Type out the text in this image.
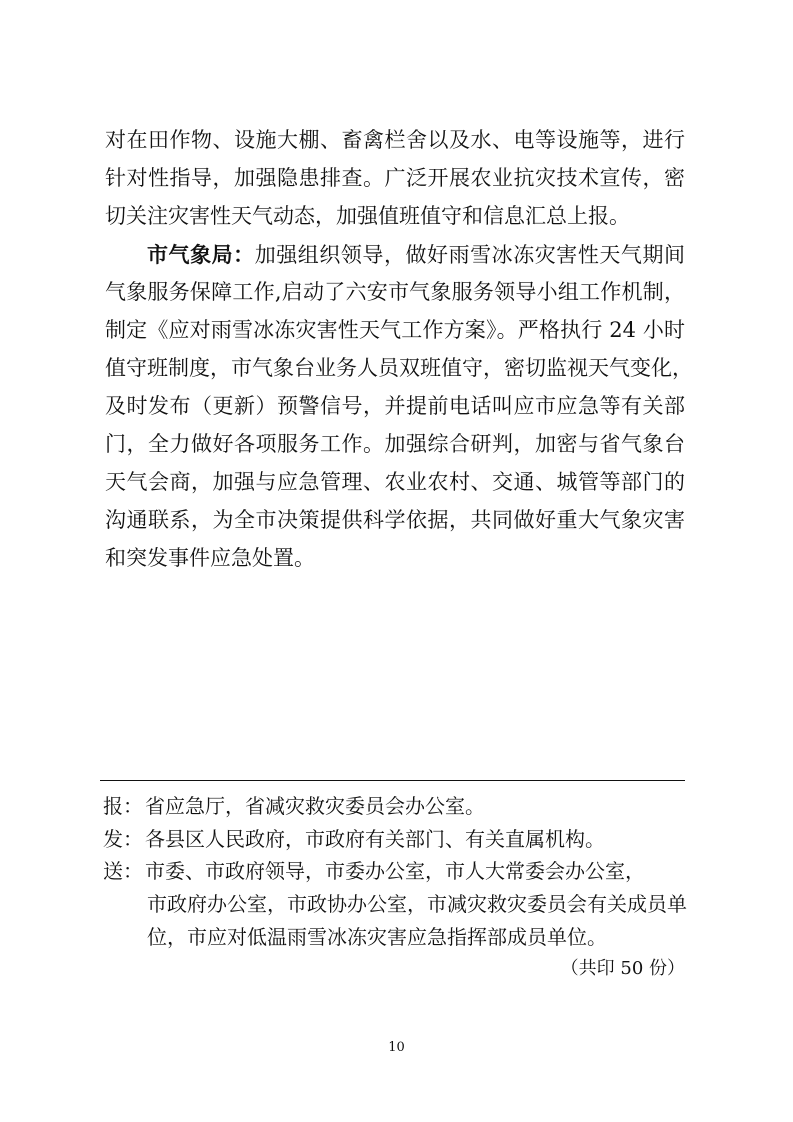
对在田作物、设施大棚、畜禽栏舍以及水、电等设施等，进行
针对性指导，加强隐患排查。广泛开展农业抗灾技术宣传，密
切关注灾害性天气动态，加强值班值守和信息汇总上报。
市气象局：加强组织领导，做好雨雪冰冻灾害性天气期间
气象服务保障工作,启动了六安市气象服务领导小组工作机制，
制定《应对雨雪冰冻灾害性天气工作方案》。严格执行 24 小时
值守班制度，市气象台业务人员双班值守，密切监视天气变化，
及时发布（更新）预警信号，并提前电话叫应市应急等有关部
门，全力做好各项服务工作。加强综合研判，加密与省气象台
天气会商，加强与应急管理、农业农村、交通、城管等部门的
沟通联系，为全市决策提供科学依据，共同做好重大气象灾害
和突发事件应急处置。
报： 省应急厅，省减灾救灾委员会办公室。
发： 各县区人民政府，市政府有关部门、有关直属机构。
送： 市委、市政府领导，市委办公室，市人大常委会办公室，
市政府办公室，市政协办公室，市减灾救灾委员会有关成员单
位，市应对低温雨雪冰冻灾害应急指挥部成员单位。
（共印 50 份）
10
